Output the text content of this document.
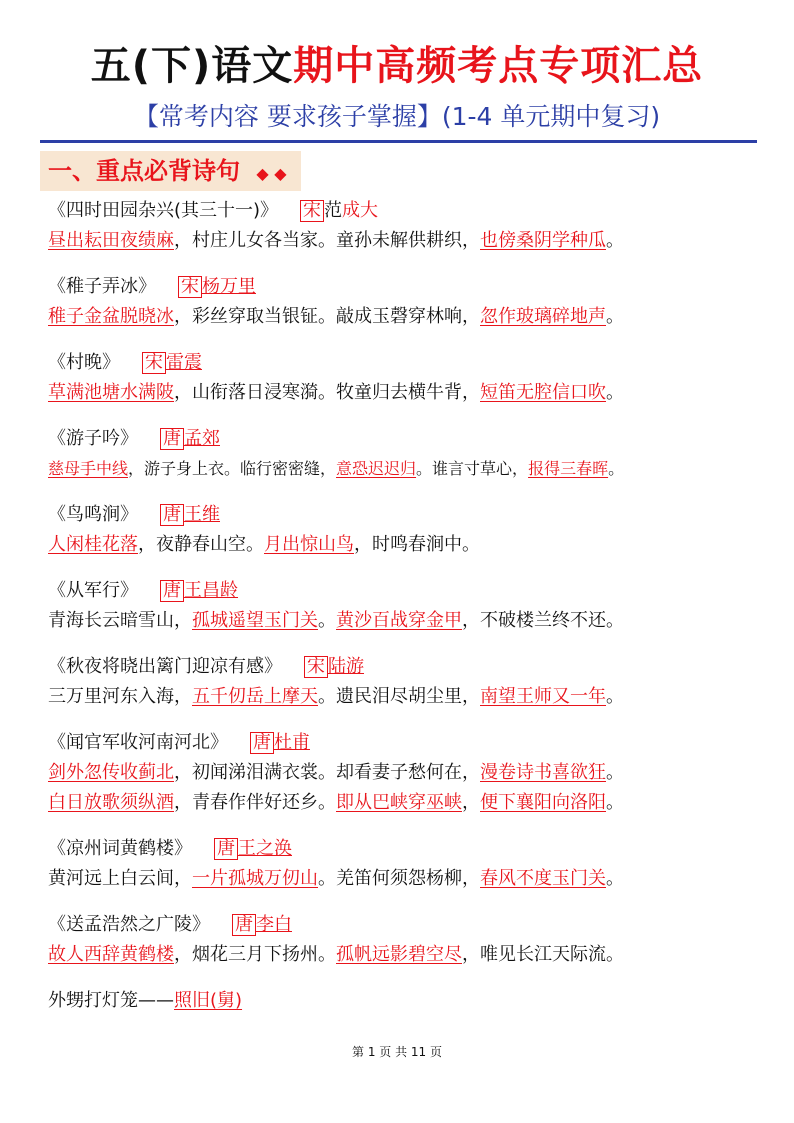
五(下)语文期中高频考点专项汇总
【常考内容 要求孩子掌握】(1-4 单元期中复习)
一、重点必背诗句 ◆ ◆
《四时田园杂兴(其三十一)》 宋 范成大
昼出耘田夜绩麻，村庄儿女各当家。童孙未解供耕织，也傍桑阴学种瓜。
《稚子弄冰》 宋 杨万里
稚子金盆脱晓冰，彩丝穿取当银钲。敲成玉磬穿林响，忽作玻璃碎地声。
《村晚》 宋 雷震
草满池塘水满陂，山衔落日浸寒漪。牧童归去横牛背，短笛无腔信口吹。
《游子吟》 唐 孟郊
慈母手中线，游子身上衣。临行密密缝，意恐迟迟归。谁言寸草心，报得三春晖。
《鸟鸣涧》 唐 王维
人闲桂花落，夜静春山空。月出惊山鸟，时鸣春涧中。
《从军行》 唐 王昌龄
青海长云暗雪山，孤城遥望玉门关。黄沙百战穿金甲，不破楼兰终不还。
《秋夜将晓出篱门迎凉有感》 宋 陆游
三万里河东入海，五千仞岳上摩天。遗民泪尽胡尘里，南望王师又一年。
《闻官军收河南河北》 唐 杜甫
剑外忽传收蓟北，初闻涕泪满衣裳。却看妻子愁何在，漫卷诗书喜欲狂。
白日放歌须纵酒，青春作伴好还乡。即从巴峡穿巫峡，便下襄阳向洛阳。
《凉州词黄鹤楼》 唐 王之涣
黄河远上白云间，一片孤城万仞山。羌笛何须怨杨柳，春风不度玉门关。
《送孟浩然之广陵》 唐 李白
故人西辞黄鹤楼，烟花三月下扬州。孤帆远影碧空尽，唯见长江天际流。
外甥打灯笼——照旧(舅)
第 1 页 共 11 页
